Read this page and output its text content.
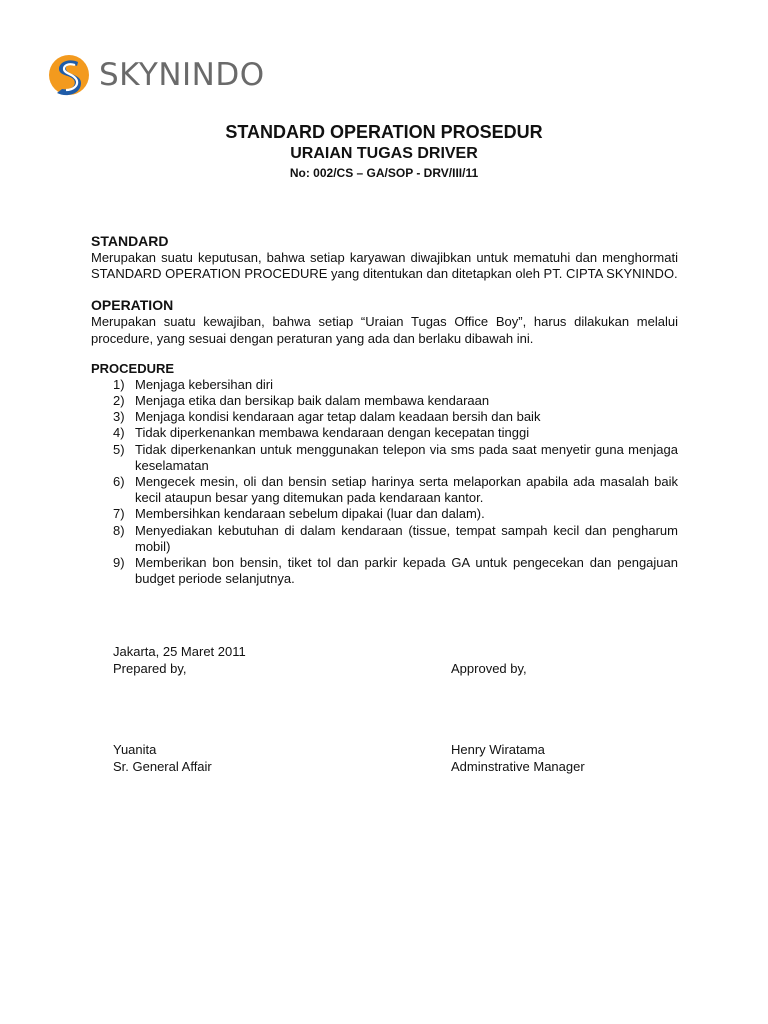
SKYNINDO

STANDARD OPERATION PROSEDUR

URAIAN TUGAS DRIVER

No: 002/CS – GA/SOP - DRV/III/11

STANDARD

Merupakan suatu keputusan, bahwa setiap karyawan diwajibkan untuk mematuhi dan menghormati STANDARD OPERATION PROCEDURE yang ditentukan dan ditetapkan oleh PT. CIPTA SKYNINDO.

OPERATION

Merupakan suatu kewajiban, bahwa setiap “Uraian Tugas Office Boy”, harus dilakukan melalui procedure, yang sesuai dengan peraturan yang ada dan berlaku dibawah ini.

PROCEDURE

1) Menjaga kebersihan diri
2) Menjaga etika dan bersikap baik dalam membawa kendaraan
3) Menjaga kondisi kendaraan agar tetap dalam keadaan bersih dan baik
4) Tidak diperkenankan membawa kendaraan dengan kecepatan tinggi
5) Tidak diperkenankan untuk menggunakan telepon via sms pada saat menyetir guna menjaga keselamatan
6) Mengecek mesin, oli dan bensin setiap harinya serta melaporkan apabila ada masalah baik kecil ataupun besar yang ditemukan pada kendaraan kantor.
7) Membersihkan kendaraan sebelum dipakai (luar dan dalam).
8) Menyediakan kebutuhan di dalam kendaraan (tissue, tempat sampah kecil dan pengharum mobil)
9) Memberikan bon bensin, tiket tol dan parkir kepada GA untuk pengecekan dan pengajuan budget periode selanjutnya.
Jakarta, 25 Maret 2011
Prepared by,	Approved by,
Yuanita	Henry Wiratama
Sr. General Affair	Adminstrative Manager
